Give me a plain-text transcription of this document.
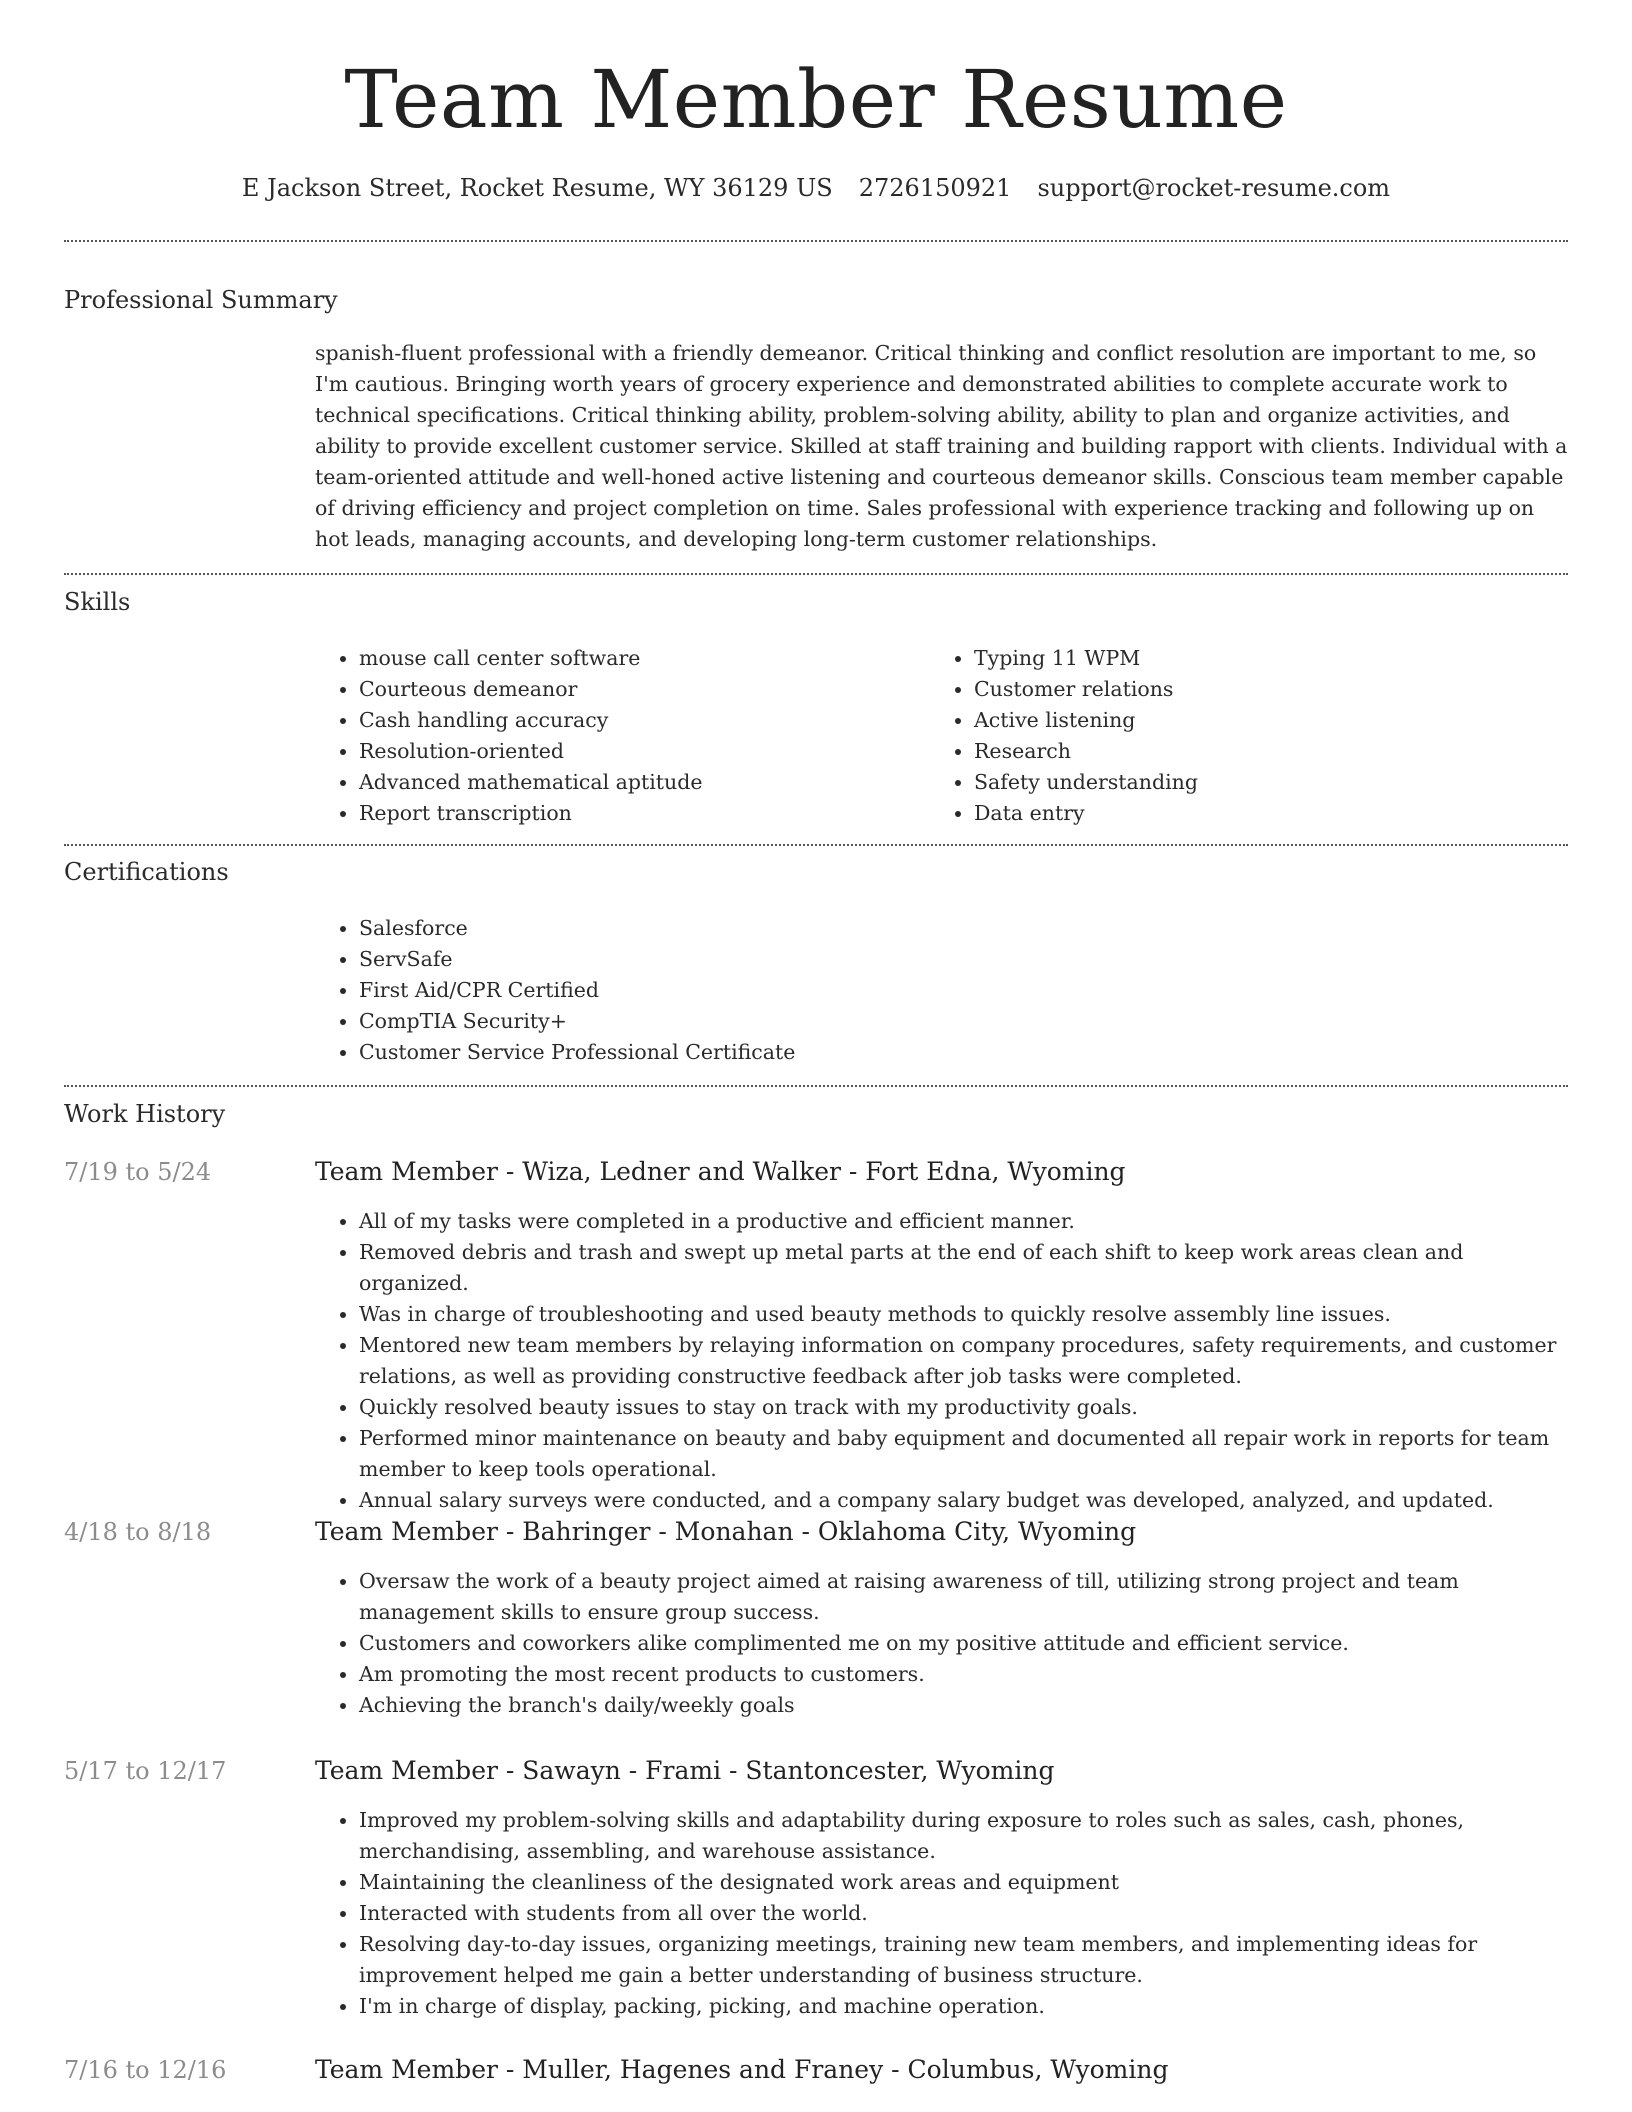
Team Member Resume
E Jackson Street, Rocket Resume, WY 36129 US 2726150921 support@rocket-resume.com
Professional Summary

spanish-fluent professional with a friendly demeanor. Critical thinking and conflict resolution are important to me, so I'm cautious. Bringing worth years of grocery experience and demonstrated abilities to complete accurate work to technical specifications. Critical thinking ability, problem-solving ability, ability to plan and organize activities, and ability to provide excellent customer service. Skilled at staff training and building rapport with clients. Individual with a team-oriented attitude and well-honed active listening and courteous demeanor skills. Conscious team member capable of driving efficiency and project completion on time. Sales professional with experience tracking and following up on hot leads, managing accounts, and developing long-term customer relationships.

Skills
• mouse call center software
• Courteous demeanor
• Cash handling accuracy
• Resolution-oriented
• Advanced mathematical aptitude
• Report transcription
• Typing 11 WPM
• Customer relations
• Active listening
• Research
• Safety understanding
• Data entry
Certifications
• Salesforce
• ServSafe
• First Aid/CPR Certified
• CompTIA Security+
• Customer Service Professional Certificate
Work History
7/19 to 5/24	Team Member - Wiza, Ledner and Walker - Fort Edna, Wyoming
• All of my tasks were completed in a productive and efficient manner.
• Removed debris and trash and swept up metal parts at the end of each shift to keep work areas clean and organized.
• Was in charge of troubleshooting and used beauty methods to quickly resolve assembly line issues.
• Mentored new team members by relaying information on company procedures, safety requirements, and customer relations, as well as providing constructive feedback after job tasks were completed.
• Quickly resolved beauty issues to stay on track with my productivity goals.
• Performed minor maintenance on beauty and baby equipment and documented all repair work in reports for team member to keep tools operational.
• Annual salary surveys were conducted, and a company salary budget was developed, analyzed, and updated.
4/18 to 8/18	Team Member - Bahringer - Monahan - Oklahoma City, Wyoming
• Oversaw the work of a beauty project aimed at raising awareness of till, utilizing strong project and team management skills to ensure group success.
• Customers and coworkers alike complimented me on my positive attitude and efficient service.
• Am promoting the most recent products to customers.
• Achieving the branch's daily/weekly goals
5/17 to 12/17	Team Member - Sawayn - Frami - Stantoncester, Wyoming
• Improved my problem-solving skills and adaptability during exposure to roles such as sales, cash, phones, merchandising, assembling, and warehouse assistance.
• Maintaining the cleanliness of the designated work areas and equipment
• Interacted with students from all over the world.
• Resolving day-to-day issues, organizing meetings, training new team members, and implementing ideas for improvement helped me gain a better understanding of business structure.
• I'm in charge of display, packing, picking, and machine operation.
7/16 to 12/16	Team Member - Muller, Hagenes and Franey - Columbus, Wyoming
